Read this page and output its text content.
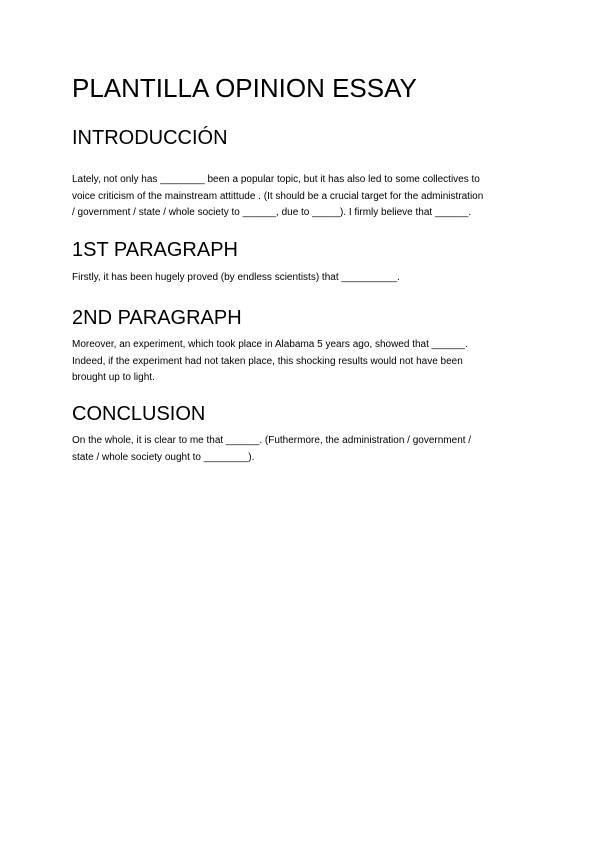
PLANTILLA OPINION ESSAY
INTRODUCCIÓN
Lately, not only has ________ been a popular topic, but it has also led to some collectives to
voice criticism of the mainstream attittude . (It should be a crucial target for the administration
/ government / state / whole society to ______, due to _____). I firmly believe that ______.
1ST PARAGRAPH
Firstly, it has been hugely proved (by endless scientists) that __________.
2ND PARAGRAPH
Moreover, an experiment, which took place in Alabama 5 years ago, showed that ______.
Indeed, if the experiment had not taken place, this shocking results would not have been
brought up to light.
CONCLUSION
On the whole, it is clear to me that ______. (Futhermore, the administration / government /
state / whole society ought to ________).
